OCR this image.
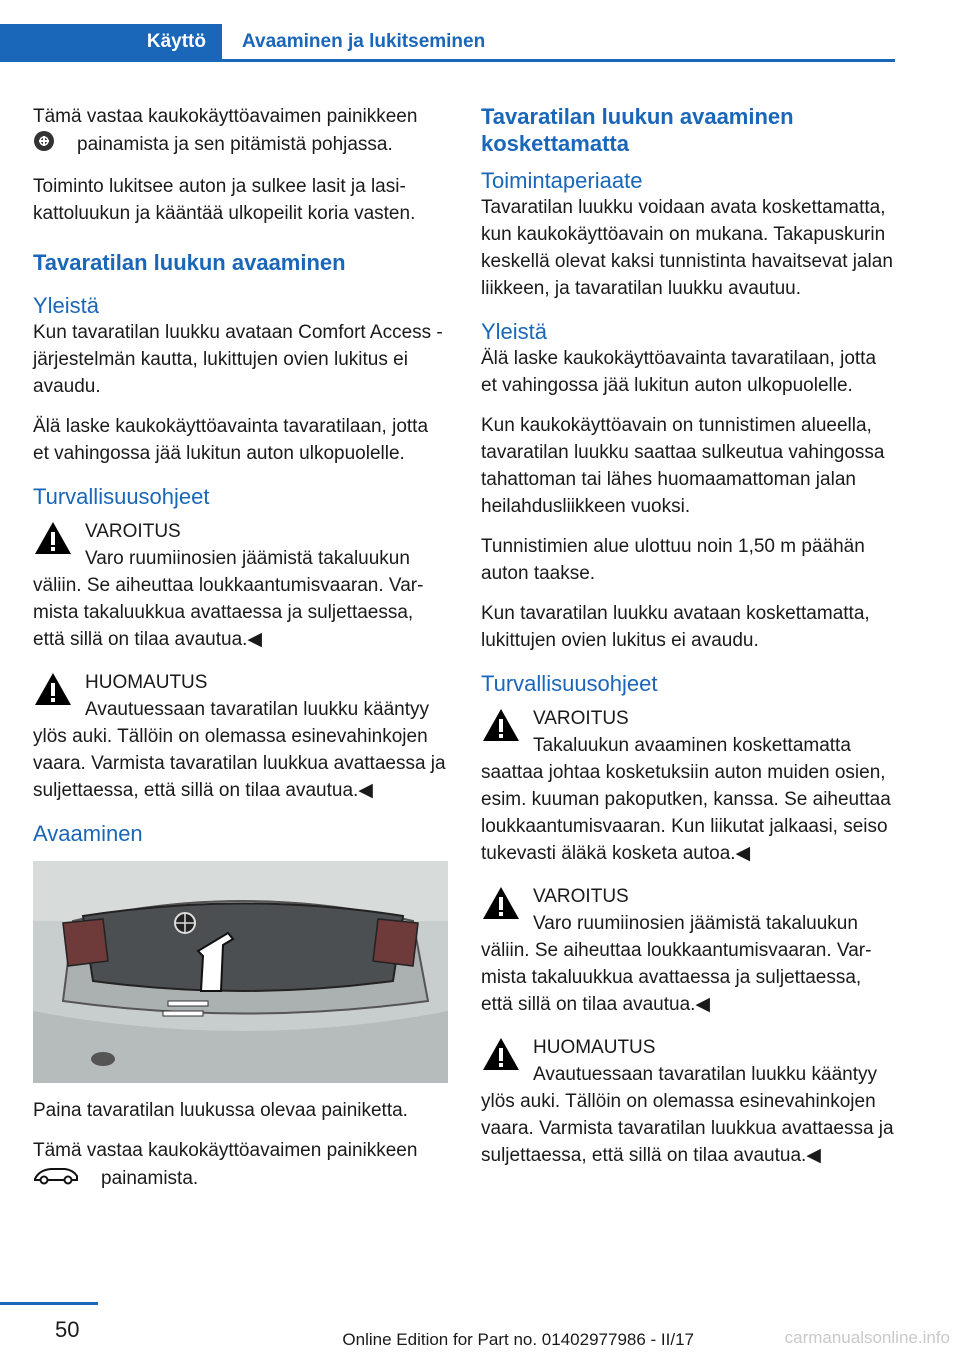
Käyttö	Avaaminen ja lukitseminen

Tämä vastaa kaukokäyttöavaimen painikkeen
painamista ja sen pitämistä pohjassa.

Toiminto lukitsee auton ja sulkee lasit ja lasikattoluukun ja kääntää ulkopeilit koria vasten.

Tavaratilan luukun avaaminen
Yleistä

Kun tavaratilan luukku avataan Comfort Access -järjestelmän kautta, lukittujen ovien lukitus ei avaudu.

Älä laske kaukokäyttöavainta tavaratilaan, jotta et vahingossa jää lukitun auton ulkopuolelle.

Turvallisuusohjeet
VAROITUS
Varo ruumiinosien jäämistä takaluukun

väliin. Se aiheuttaa loukkaantumisvaaran. Varmista takaluukkua avattaessa ja suljettaessa, että sillä on tilaa avautua.◀

HUOMAUTUS
Avautuessaan tavaratilan luukku kääntyy

ylös auki. Tällöin on olemassa esinevahinkojen vaara. Varmista tavaratilan luukkua avattaessa ja suljettaessa, että sillä on tilaa avautua.◀

Avaaminen

Paina tavaratilan luukussa olevaa painiketta.

Tämä vastaa kaukokäyttöavaimen painikkeen
painamista.

Tavaratilan luukun avaaminen koskettamatta
Toimintaperiaate

Tavaratilan luukku voidaan avata koskettamatta, kun kaukokäyttöavain on mukana. Takapuskurin keskellä olevat kaksi tunnistinta havaitsevat jalan liikkeen, ja tavaratilan luukku avautuu.

Yleistä

Älä laske kaukokäyttöavainta tavaratilaan, jotta et vahingossa jää lukitun auton ulkopuolelle.

Kun kaukokäyttöavain on tunnistimen alueella, tavaratilan luukku saattaa sulkeutua vahingossa tahattoman tai lähes huomaamattoman jalan heilahdusliikkeen vuoksi.

Tunnistimien alue ulottuu noin 1,50 m päähän auton taakse.

Kun tavaratilan luukku avataan koskettamatta, lukittujen ovien lukitus ei avaudu.

Turvallisuusohjeet
VAROITUS
Takaluukun avaaminen koskettamatta

saattaa johtaa kosketuksiin auton muiden osien, esim. kuuman pakoputken, kanssa. Se aiheuttaa loukkaantumisvaaran. Kun liikutat jalkaasi, seiso tukevasti äläkä kosketa autoa.◀

VAROITUS
Varo ruumiinosien jäämistä takaluukun

väliin. Se aiheuttaa loukkaantumisvaaran. Varmista takaluukkua avattaessa ja suljettaessa, että sillä on tilaa avautua.◀

HUOMAUTUS
Avautuessaan tavaratilan luukku kääntyy

ylös auki. Tällöin on olemassa esinevahinkojen vaara. Varmista tavaratilan luukkua avattaessa ja suljettaessa, että sillä on tilaa avautua.◀

50	Online Edition for Part no. 01402977986 - II/17	carmanualsonline.info
